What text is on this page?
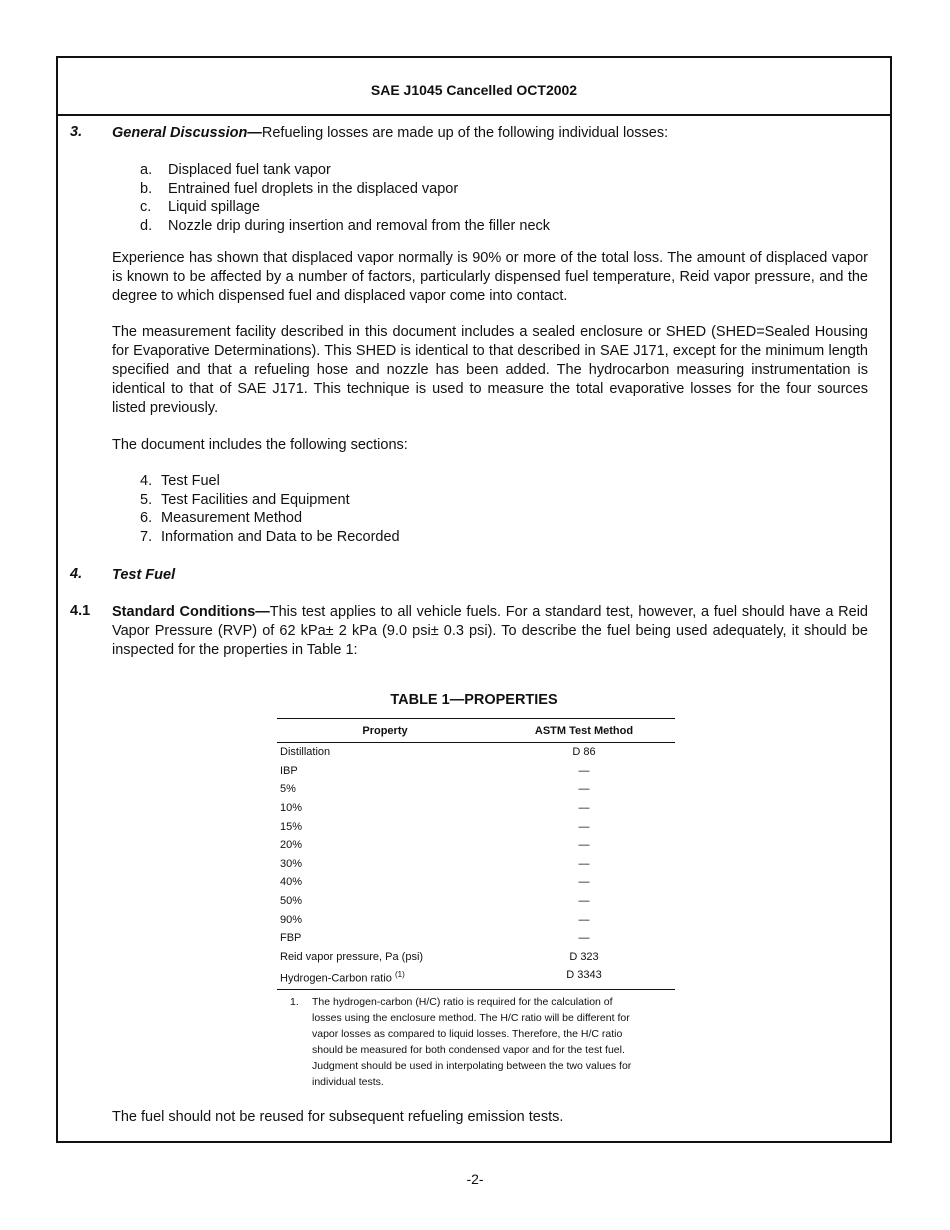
SAE J1045 Cancelled OCT2002
3. General Discussion—Refueling losses are made up of the following individual losses:
a.	Displaced fuel tank vapor
b.	Entrained fuel droplets in the displaced vapor
c.	Liquid spillage
d.	Nozzle drip during insertion and removal from the filler neck
Experience has shown that displaced vapor normally is 90% or more of the total loss. The amount of displaced vapor is known to be affected by a number of factors, particularly dispensed fuel temperature, Reid vapor pressure, and the degree to which dispensed fuel and displaced vapor come into contact.
The measurement facility described in this document includes a sealed enclosure or SHED (SHED=Sealed Housing for Evaporative Determinations). This SHED is identical to that described in SAE J171, except for the minimum length specified and that a refueling hose and nozzle has been added. The hydrocarbon measuring instrumentation is identical to that of SAE J171. This technique is used to measure the total evaporative losses for the four sources listed previously.
The document includes the following sections:
4. Test Fuel
5. Test Facilities and Equipment
6. Measurement Method
7. Information and Data to be Recorded
4. Test Fuel
4.1 Standard Conditions—This test applies to all vehicle fuels. For a standard test, however, a fuel should have a Reid Vapor Pressure (RVP) of 62 kPa± 2 kPa (9.0 psi± 0.3 psi). To describe the fuel being used adequately, it should be inspected for the properties in Table 1:
TABLE 1—PROPERTIES
Property	ASTM Test Method
Distillation	D 86
IBP	—
5%	—
10%	—
15%	—
20%	—
30%	—
40%	—
50%	—
90%	—
FBP	—
Reid vapor pressure, Pa (psi)	D 323
Hydrogen-Carbon ratio $^{(1)}$	D 3343
1.	The hydrogen-carbon (H/C) ratio is required for the calculation of losses using the enclosure method. The H/C ratio will be different for vapor losses as compared to liquid losses. Therefore, the H/C ratio should be measured for both condensed vapor and for the test fuel. Judgment should be used in interpolating between the two values for individual tests.
The fuel should not be reused for subsequent refueling emission tests.
-2-
